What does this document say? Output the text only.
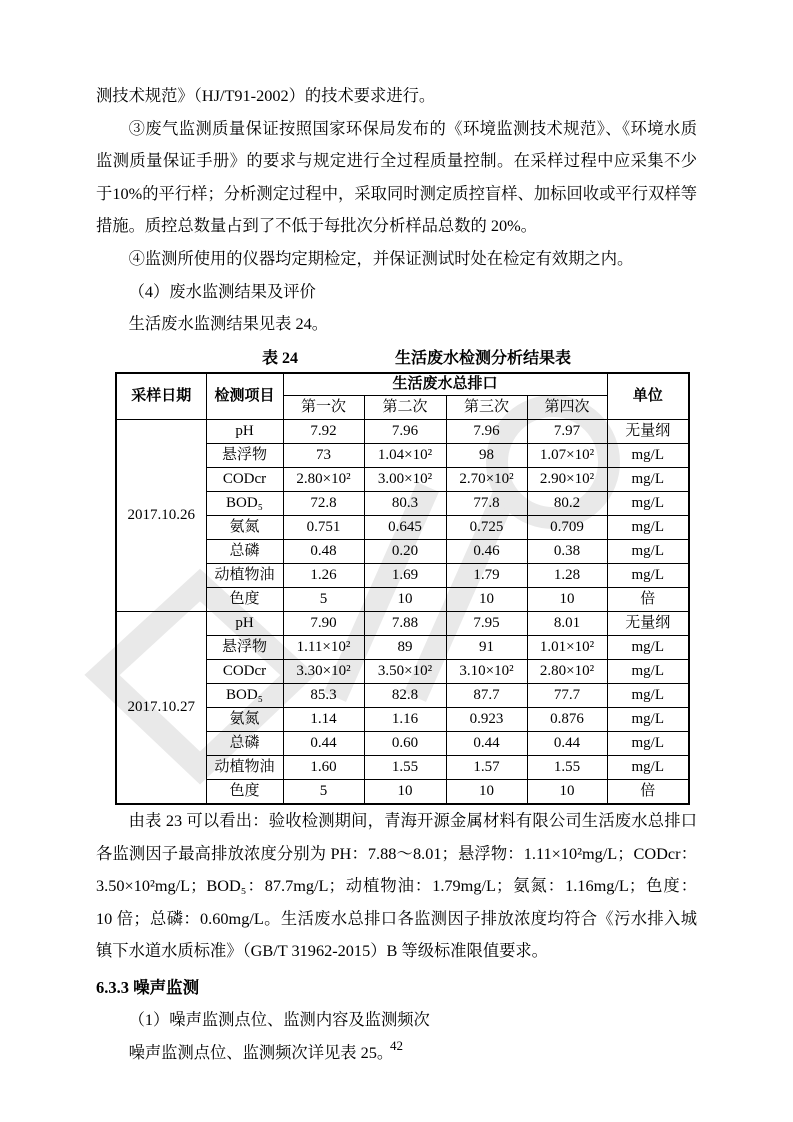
测技术规范》（HJ/T91-2002）的技术要求进行。

③废气监测质量保证按照国家环保局发布的《环境监测技术规范》、《环境水质监测质量保证手册》的要求与规定进行全过程质量控制。在采样过程中应采集不少于10%的平行样；分析测定过程中，采取同时测定质控盲样、加标回收或平行双样等措施。质控总数量占到了不低于每批次分析样品总数的 20%。

④监测所使用的仪器均定期检定，并保证测试时处在检定有效期之内。

（4）废水监测结果及评价

生活废水监测结果见表 24。

表 24	生活废水检测分析结果表
采样日期	检测项目	生活废水总排口				单位
		第一次	第二次	第三次	第四次	
2017.10.26	pH	7.92	7.96	7.96	7.97	无量纲
	悬浮物	73	1.04×10²	98	1.07×10²	mg/L
	CODcr	2.80×10²	3.00×10²	2.70×10²	2.90×10²	mg/L
	BOD₅	72.8	80.3	77.8	80.2	mg/L
	氨氮	0.751	0.645	0.725	0.709	mg/L
	总磷	0.48	0.20	0.46	0.38	mg/L
	动植物油	1.26	1.69	1.79	1.28	mg/L
	色度	5	10	10	10	倍
2017.10.27	pH	7.90	7.88	7.95	8.01	无量纲
	悬浮物	1.11×10²	89	91	1.01×10²	mg/L
	CODcr	3.30×10²	3.50×10²	3.10×10²	2.80×10²	mg/L
	BOD₅	85.3	82.8	87.7	77.7	mg/L
	氨氮	1.14	1.16	0.923	0.876	mg/L
	总磷	0.44	0.60	0.44	0.44	mg/L
	动植物油	1.60	1.55	1.57	1.55	mg/L
	色度	5	10	10	10	倍

由表 23 可以看出：验收检测期间，青海开源金属材料有限公司生活废水总排口各监测因子最高排放浓度分别为 PH：7.88～8.01；悬浮物：1.11×10²mg/L；CODcr：3.50×10²mg/L；BOD₅：87.7mg/L；动植物油：1.79mg/L；氨氮：1.16mg/L；色度：10 倍；总磷：0.60mg/L。生活废水总排口各监测因子排放浓度均符合《污水排入城镇下水道水质标准》（GB/T 31962-2015）B 等级标准限值要求。

6.3.3 噪声监测

（1）噪声监测点位、监测内容及监测频次

噪声监测点位、监测频次详见表 25。

42
